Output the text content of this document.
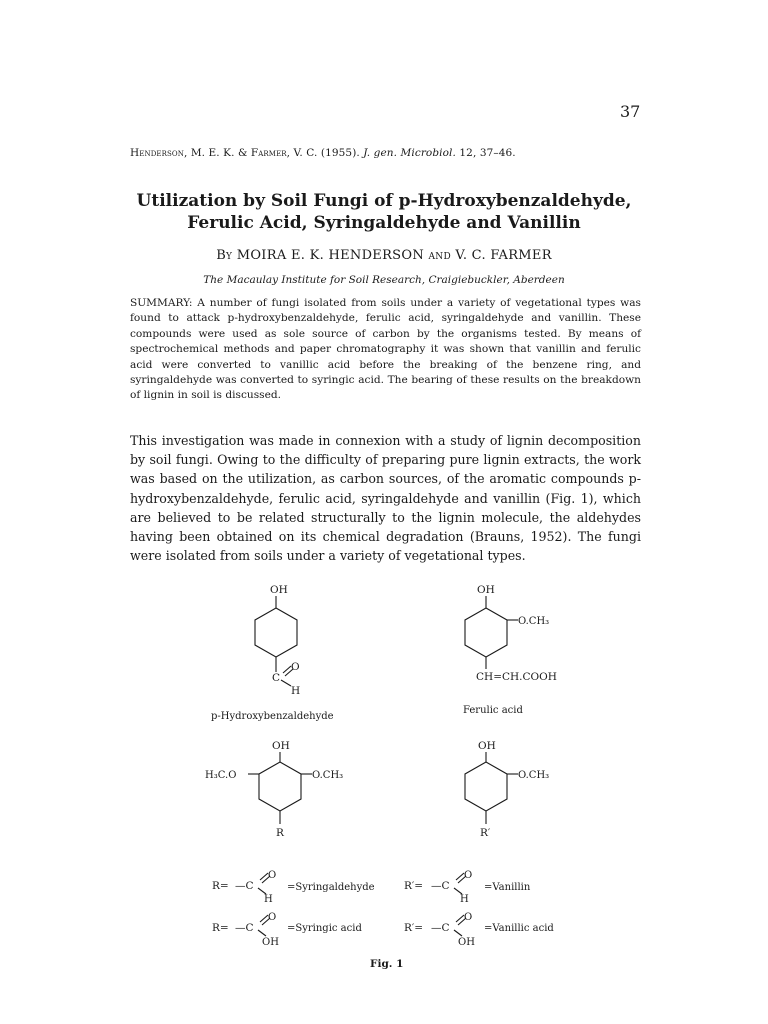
37
Henderson, M. E. K. & Farmer, V. C. (1955). J. gen. Microbiol. 12, 37–46.
Utilization by Soil Fungi of p-Hydroxybenzaldehyde,
Ferulic Acid, Syringaldehyde and Vanillin
By MOIRA E. K. HENDERSON and V. C. FARMER
The Macaulay Institute for Soil Research, Craigiebuckler, Aberdeen
SUMMARY: A number of fungi isolated from soils under a variety of vegetational types was found to attack p-hydroxybenzaldehyde, ferulic acid, syringaldehyde and vanillin. These compounds were used as sole source of carbon by the organisms tested. By means of spectrochemical methods and paper chromatography it was shown that vanillin and ferulic acid were converted to vanillic acid before the breaking of the benzene ring, and syringaldehyde was converted to syringic acid. The bearing of these results on the breakdown of lignin in soil is discussed.
This investigation was made in connexion with a study of lignin decomposition by soil fungi. Owing to the difficulty of preparing pure lignin extracts, the work was based on the utilization, as carbon sources, of the aromatic compounds p-hydroxybenzaldehyde, ferulic acid, syringaldehyde and vanillin (Fig. 1), which are believed to be related structurally to the lignin molecule, the aldehydes having been obtained on its chemical degradation (Brauns, 1952). The fungi were isolated from soils under a variety of vegetational types.
OH
O
C
H
p-Hydroxybenzaldehyde
OH
O.CH₃
CH=CH.COOH
Ferulic acid
OH
O.CH₃
H₃C.O
R
OH
O.CH₃
R′
R= —C
O
H
=Syringaldehyde	R′= —C
O
H
=Vanillin
R= —C
O
OH
=Syringic acid	R′= —C
O
OH
=Vanillic acid
Fig. 1
